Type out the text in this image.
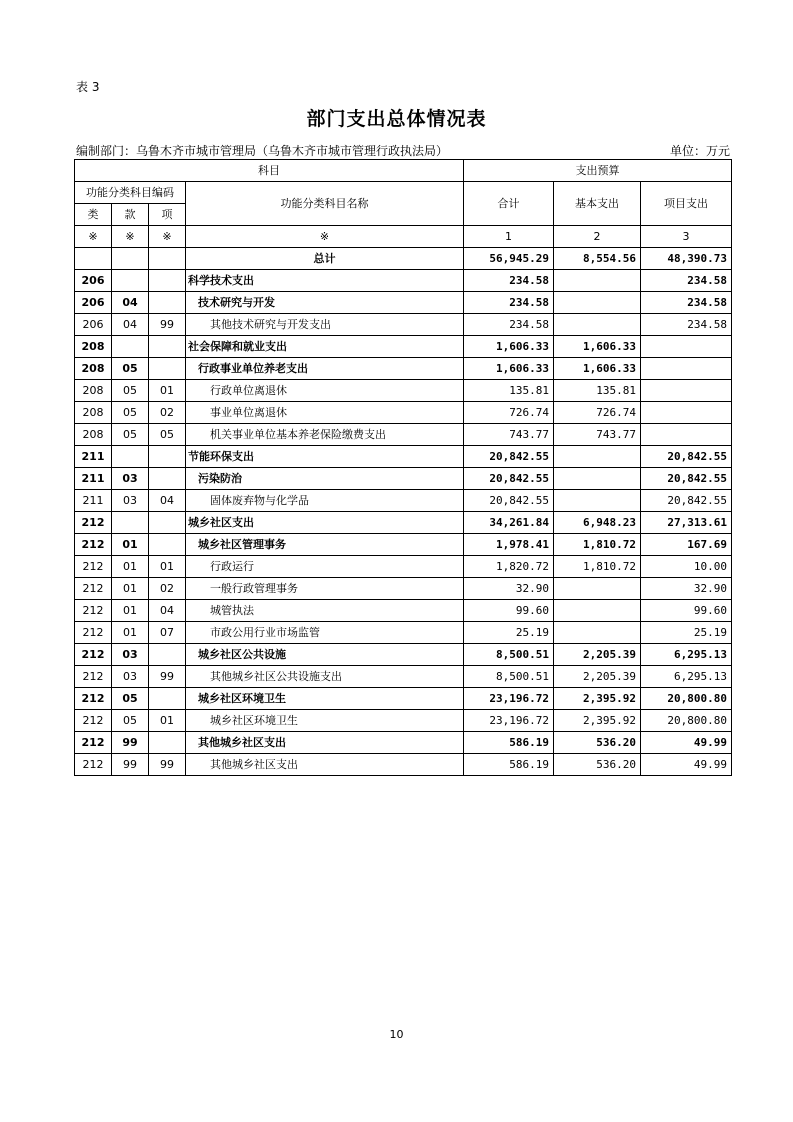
表 3
部门支出总体情况表
编制部门：乌鲁木齐市城市管理局（乌鲁木齐市城市管理行政执法局）	单位：万元
科目				支出预算		
功能分类科目编码			功能分类科目名称	合计	基本支出	项目支出
类	款	项				
※	※	※	※	1	2	3
			总计	56,945.29	8,554.56	48,390.73
206			科学技术支出	234.58		234.58
206	04		技术研究与开发	234.58		234.58
206	04	99	其他技术研究与开发支出	234.58		234.58
208			社会保障和就业支出	1,606.33	1,606.33	
208	05		行政事业单位养老支出	1,606.33	1,606.33	
208	05	01	行政单位离退休	135.81	135.81	
208	05	02	事业单位离退休	726.74	726.74	
208	05	05	机关事业单位基本养老保险缴费支出	743.77	743.77	
211			节能环保支出	20,842.55		20,842.55
211	03		污染防治	20,842.55		20,842.55
211	03	04	固体废弃物与化学品	20,842.55		20,842.55
212			城乡社区支出	34,261.84	6,948.23	27,313.61
212	01		城乡社区管理事务	1,978.41	1,810.72	167.69
212	01	01	行政运行	1,820.72	1,810.72	10.00
212	01	02	一般行政管理事务	32.90		32.90
212	01	04	城管执法	99.60		99.60
212	01	07	市政公用行业市场监管	25.19		25.19
212	03		城乡社区公共设施	8,500.51	2,205.39	6,295.13
212	03	99	其他城乡社区公共设施支出	8,500.51	2,205.39	6,295.13
212	05		城乡社区环境卫生	23,196.72	2,395.92	20,800.80
212	05	01	城乡社区环境卫生	23,196.72	2,395.92	20,800.80
212	99		其他城乡社区支出	586.19	536.20	49.99
212	99	99	其他城乡社区支出	586.19	536.20	49.99
10
